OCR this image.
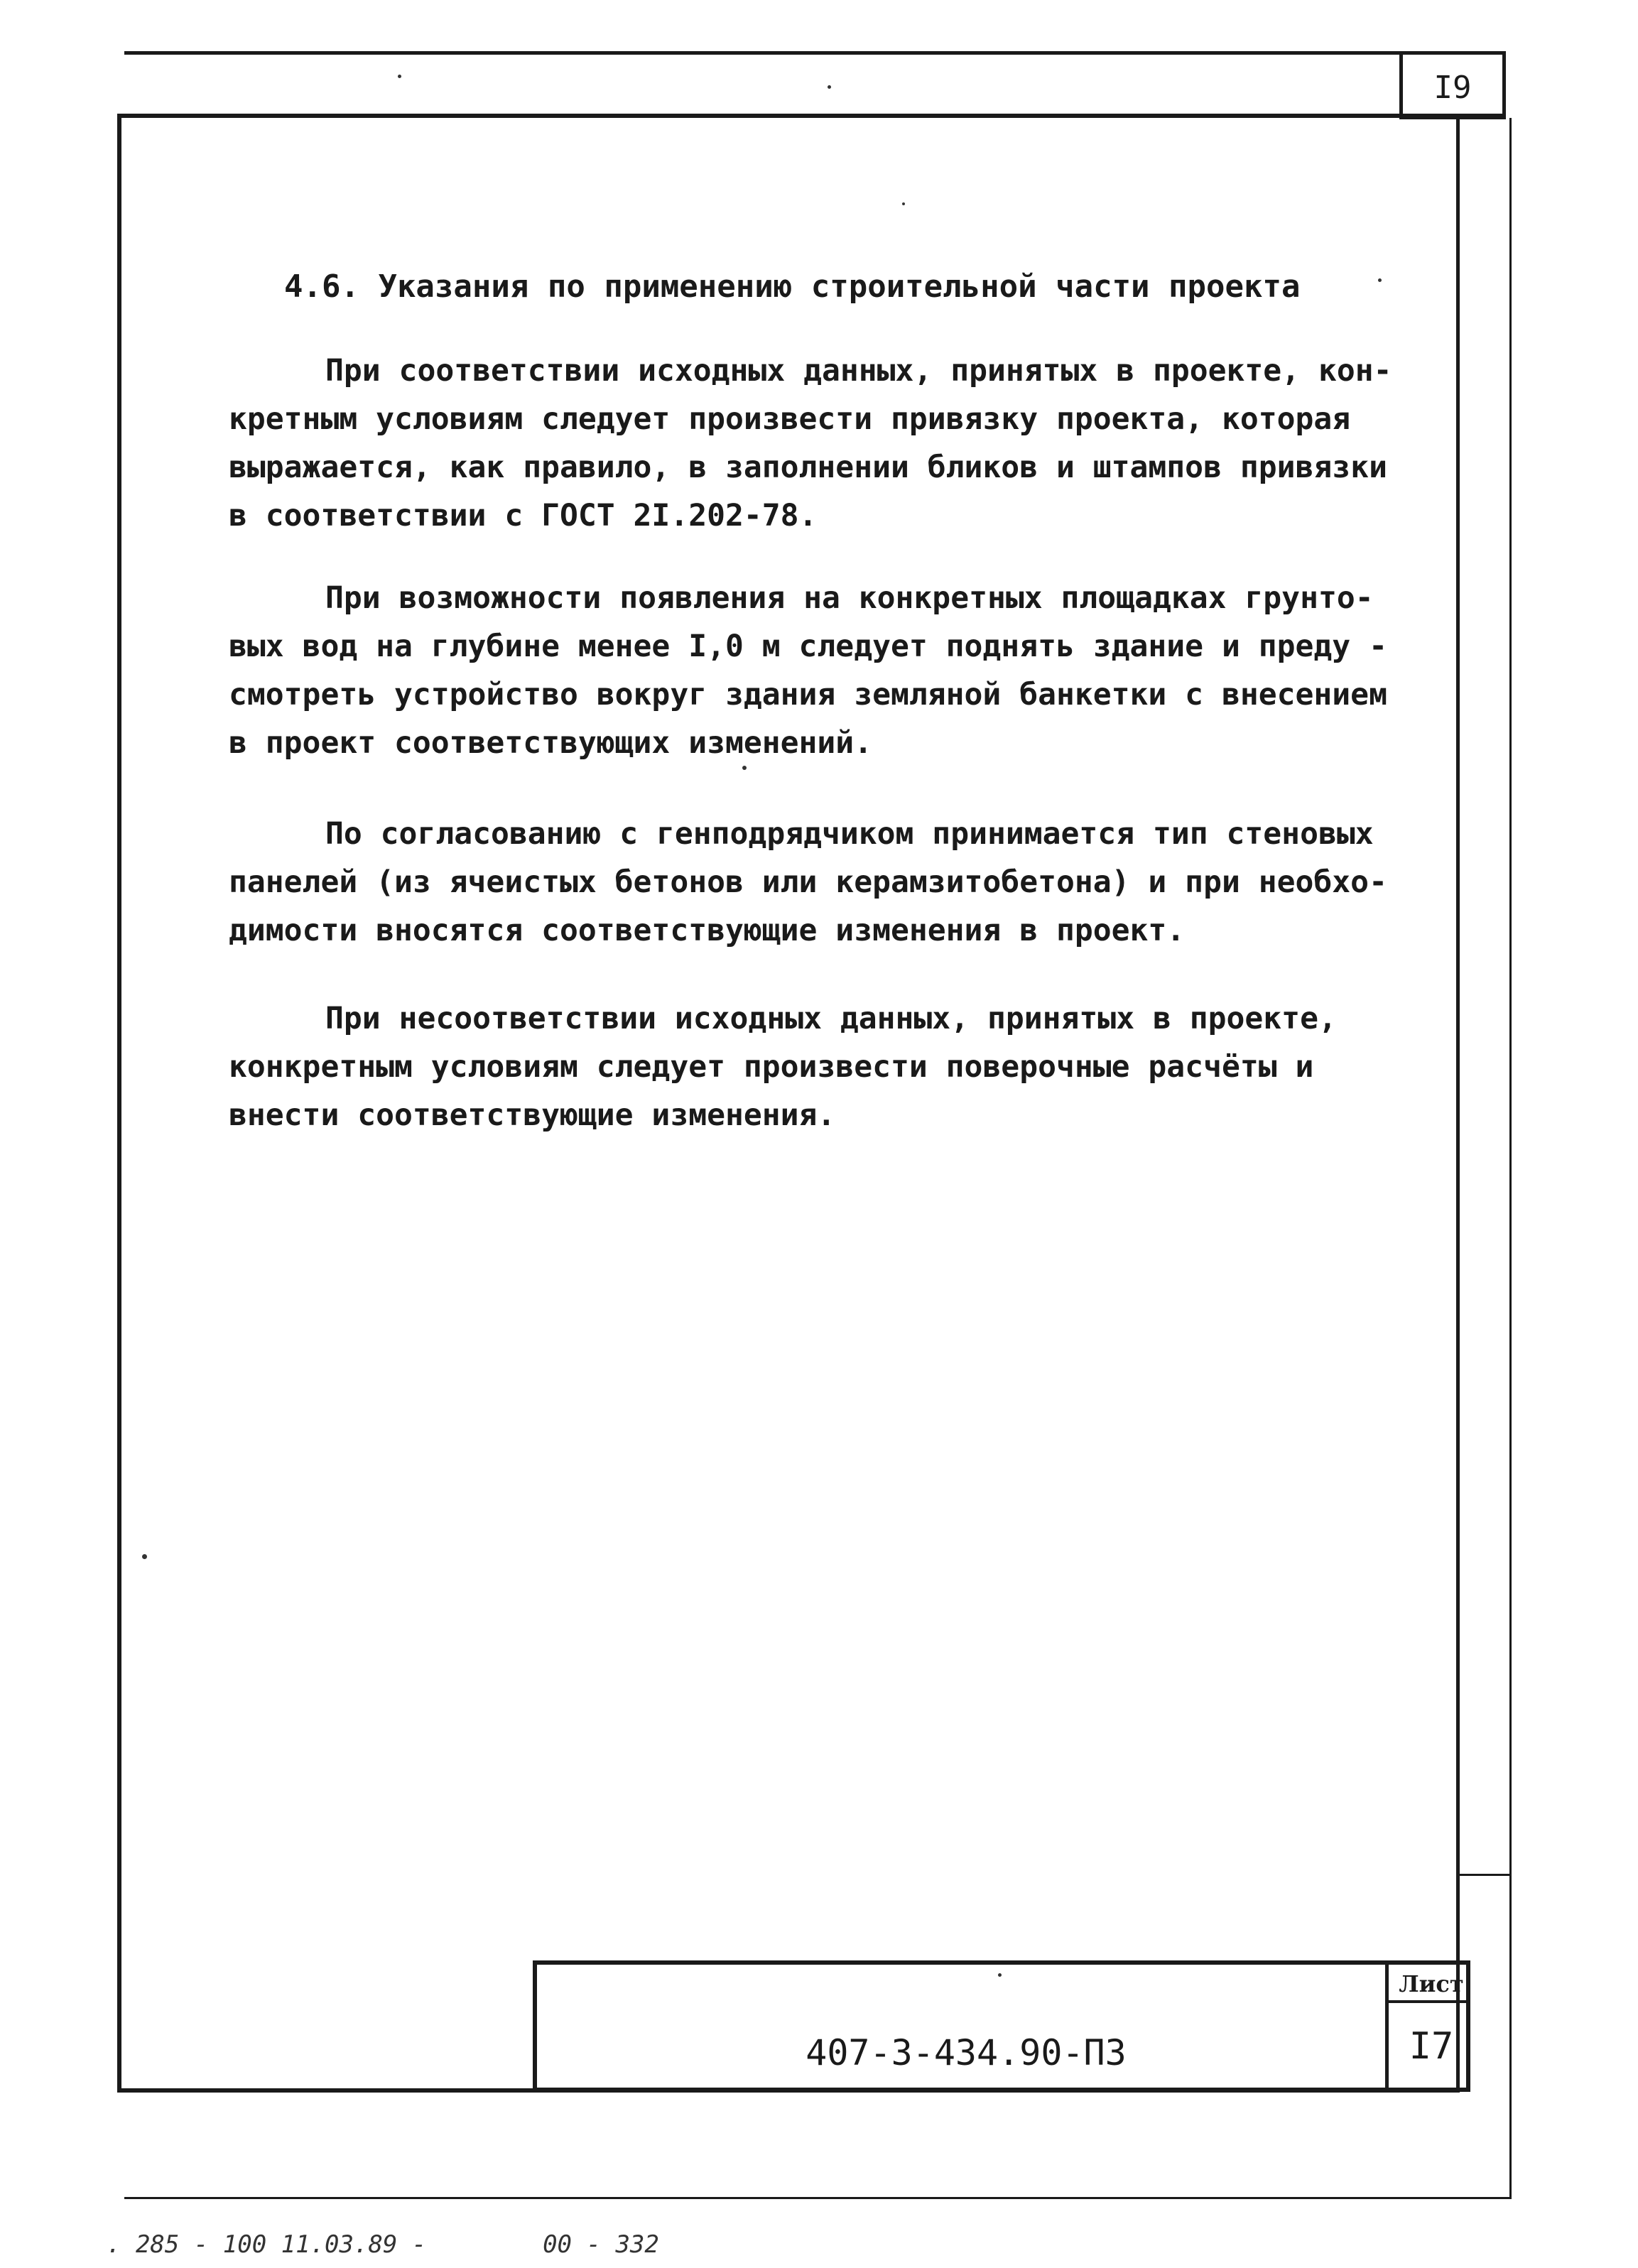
I9
4.6. Указания по применению строительной части проекта
При соответствии исходных данных, принятых в проекте, кон-
кретным условиям следует произвести привязку проекта, которая
выражается, как правило, в заполнении бликов и штампов привязки
в соответствии с ГОСТ 2I.202-78.
При возможности появления на конкретных площадках грунто-
вых вод на глубине менее I,0 м следует поднять здание и преду -
смотреть устройство вокруг здания земляной банкетки с внесением
в проект соответствующих изменений.
По согласованию с генподрядчиком принимается тип стеновых
панелей (из ячеистых бетонов или керамзитобетона) и при необхо-
димости вносятся соответствующие изменения в проект.
При несоответствии исходных данных, принятых в проекте,
конкретным условиям следует произвести поверочные расчёты и
внести соответствующие изменения.
Лист
I7
407-3-434.90-ПЗ
. 285 - 100 11.03.89 -        00 - 332
